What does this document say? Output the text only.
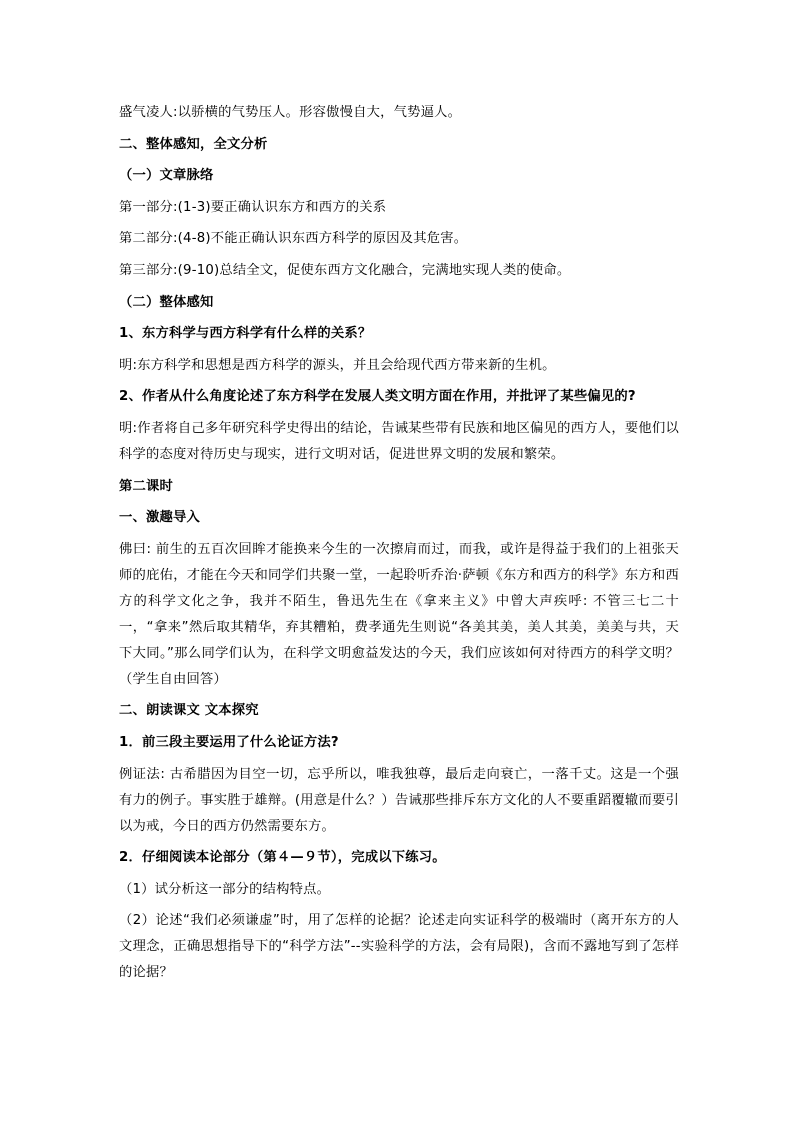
盛气凌人:以骄横的气势压人。形容傲慢自大，气势逼人。
二、整体感知，全文分析
（一）文章脉络
第一部分:(1-3)要正确认识东方和西方的关系
第二部分:(4-8)不能正确认识东西方科学的原因及其危害。
第三部分:(9-10)总结全文，促使东西方文化融合，完满地实现人类的使命。
（二）整体感知
1、东方科学与西方科学有什么样的关系？
明:东方科学和思想是西方科学的源头，并且会给现代西方带来新的生机。
2、作者从什么角度论述了东方科学在发展人类文明方面在作用，并批评了某些偏见的?
明:作者将自己多年研究科学史得出的结论，告诫某些带有民族和地区偏见的西方人，要他们以科学的态度对待历史与现实，进行文明对话，促进世界文明的发展和繁荣。
第二课时
一、激趣导入
佛曰: 前生的五百次回眸才能换来今生的一次擦肩而过，而我，或许是得益于我们的上祖张天师的庇佑，才能在今天和同学们共聚一堂，一起聆听乔治·萨顿《东方和西方的科学》东方和西方的科学文化之争，我并不陌生，鲁迅先生在《拿来主义》中曾大声疾呼: 不管三七二十一，“拿来”然后取其精华，弃其糟粕，费孝通先生则说“各美其美，美人其美，美美与共，天下大同。”那么同学们认为，在科学文明愈益发达的今天，我们应该如何对待西方的科学文明？（学生自由回答）
二、朗读课文 文本探究
1．前三段主要运用了什么论证方法?
例证法: 古希腊因为目空一切，忘乎所以，唯我独尊，最后走向衰亡，一落千丈。这是一个强有力的例子。事实胜于雄辩。(用意是什么？）告诫那些排斥东方文化的人不要重蹈覆辙而要引以为戒，今日的西方仍然需要东方。
2．仔细阅读本论部分（第４—９节），完成以下练习。
（1）试分析这一部分的结构特点。
（2）论述“我们必须谦虚”时，用了怎样的论据？论述走向实证科学的极端时（离开东方的人文理念，正确思想指导下的“科学方法”--实验科学的方法，会有局限)，含而不露地写到了怎样的论据？
